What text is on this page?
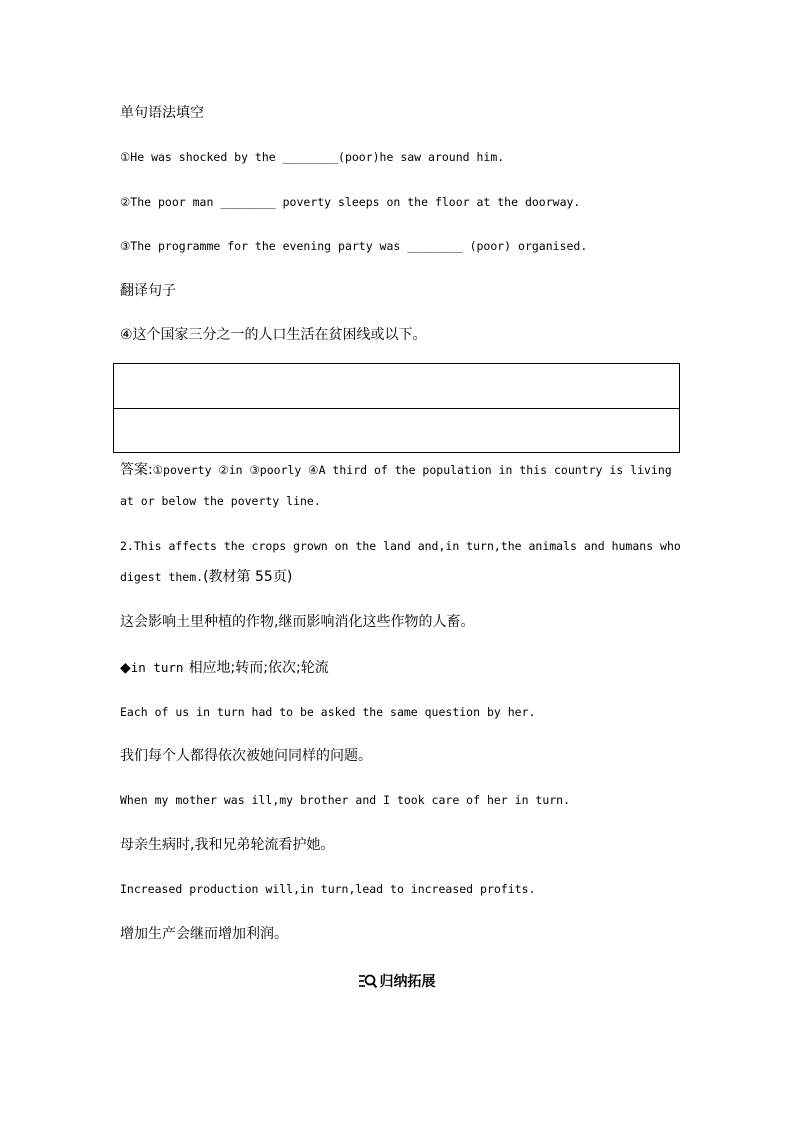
单句语法填空
①He was shocked by the ________(poor)he saw around him.
②The poor man ________ poverty sleeps on the floor at the doorway.
③The programme for the evening party was ________ (poor) organised.
翻译句子
④这个国家三分之一的人口生活在贫困线或以下。
答案:①poverty ②in ③poorly ④A third of the population in this country is living at or below the poverty line.
2.This affects the crops grown on the land and,in turn,the animals and humans who digest them.(教材第 55页)
这会影响土里种植的作物,继而影响消化这些作物的人畜。
◆in turn 相应地;转而;依次;轮流
Each of us in turn had to be asked the same question by her.
我们每个人都得依次被她问同样的问题。
When my mother was ill,my brother and I took care of her in turn.
母亲生病时,我和兄弟轮流看护她。
Increased production will,in turn,lead to increased profits.
增加生产会继而增加利润。
归纳拓展
